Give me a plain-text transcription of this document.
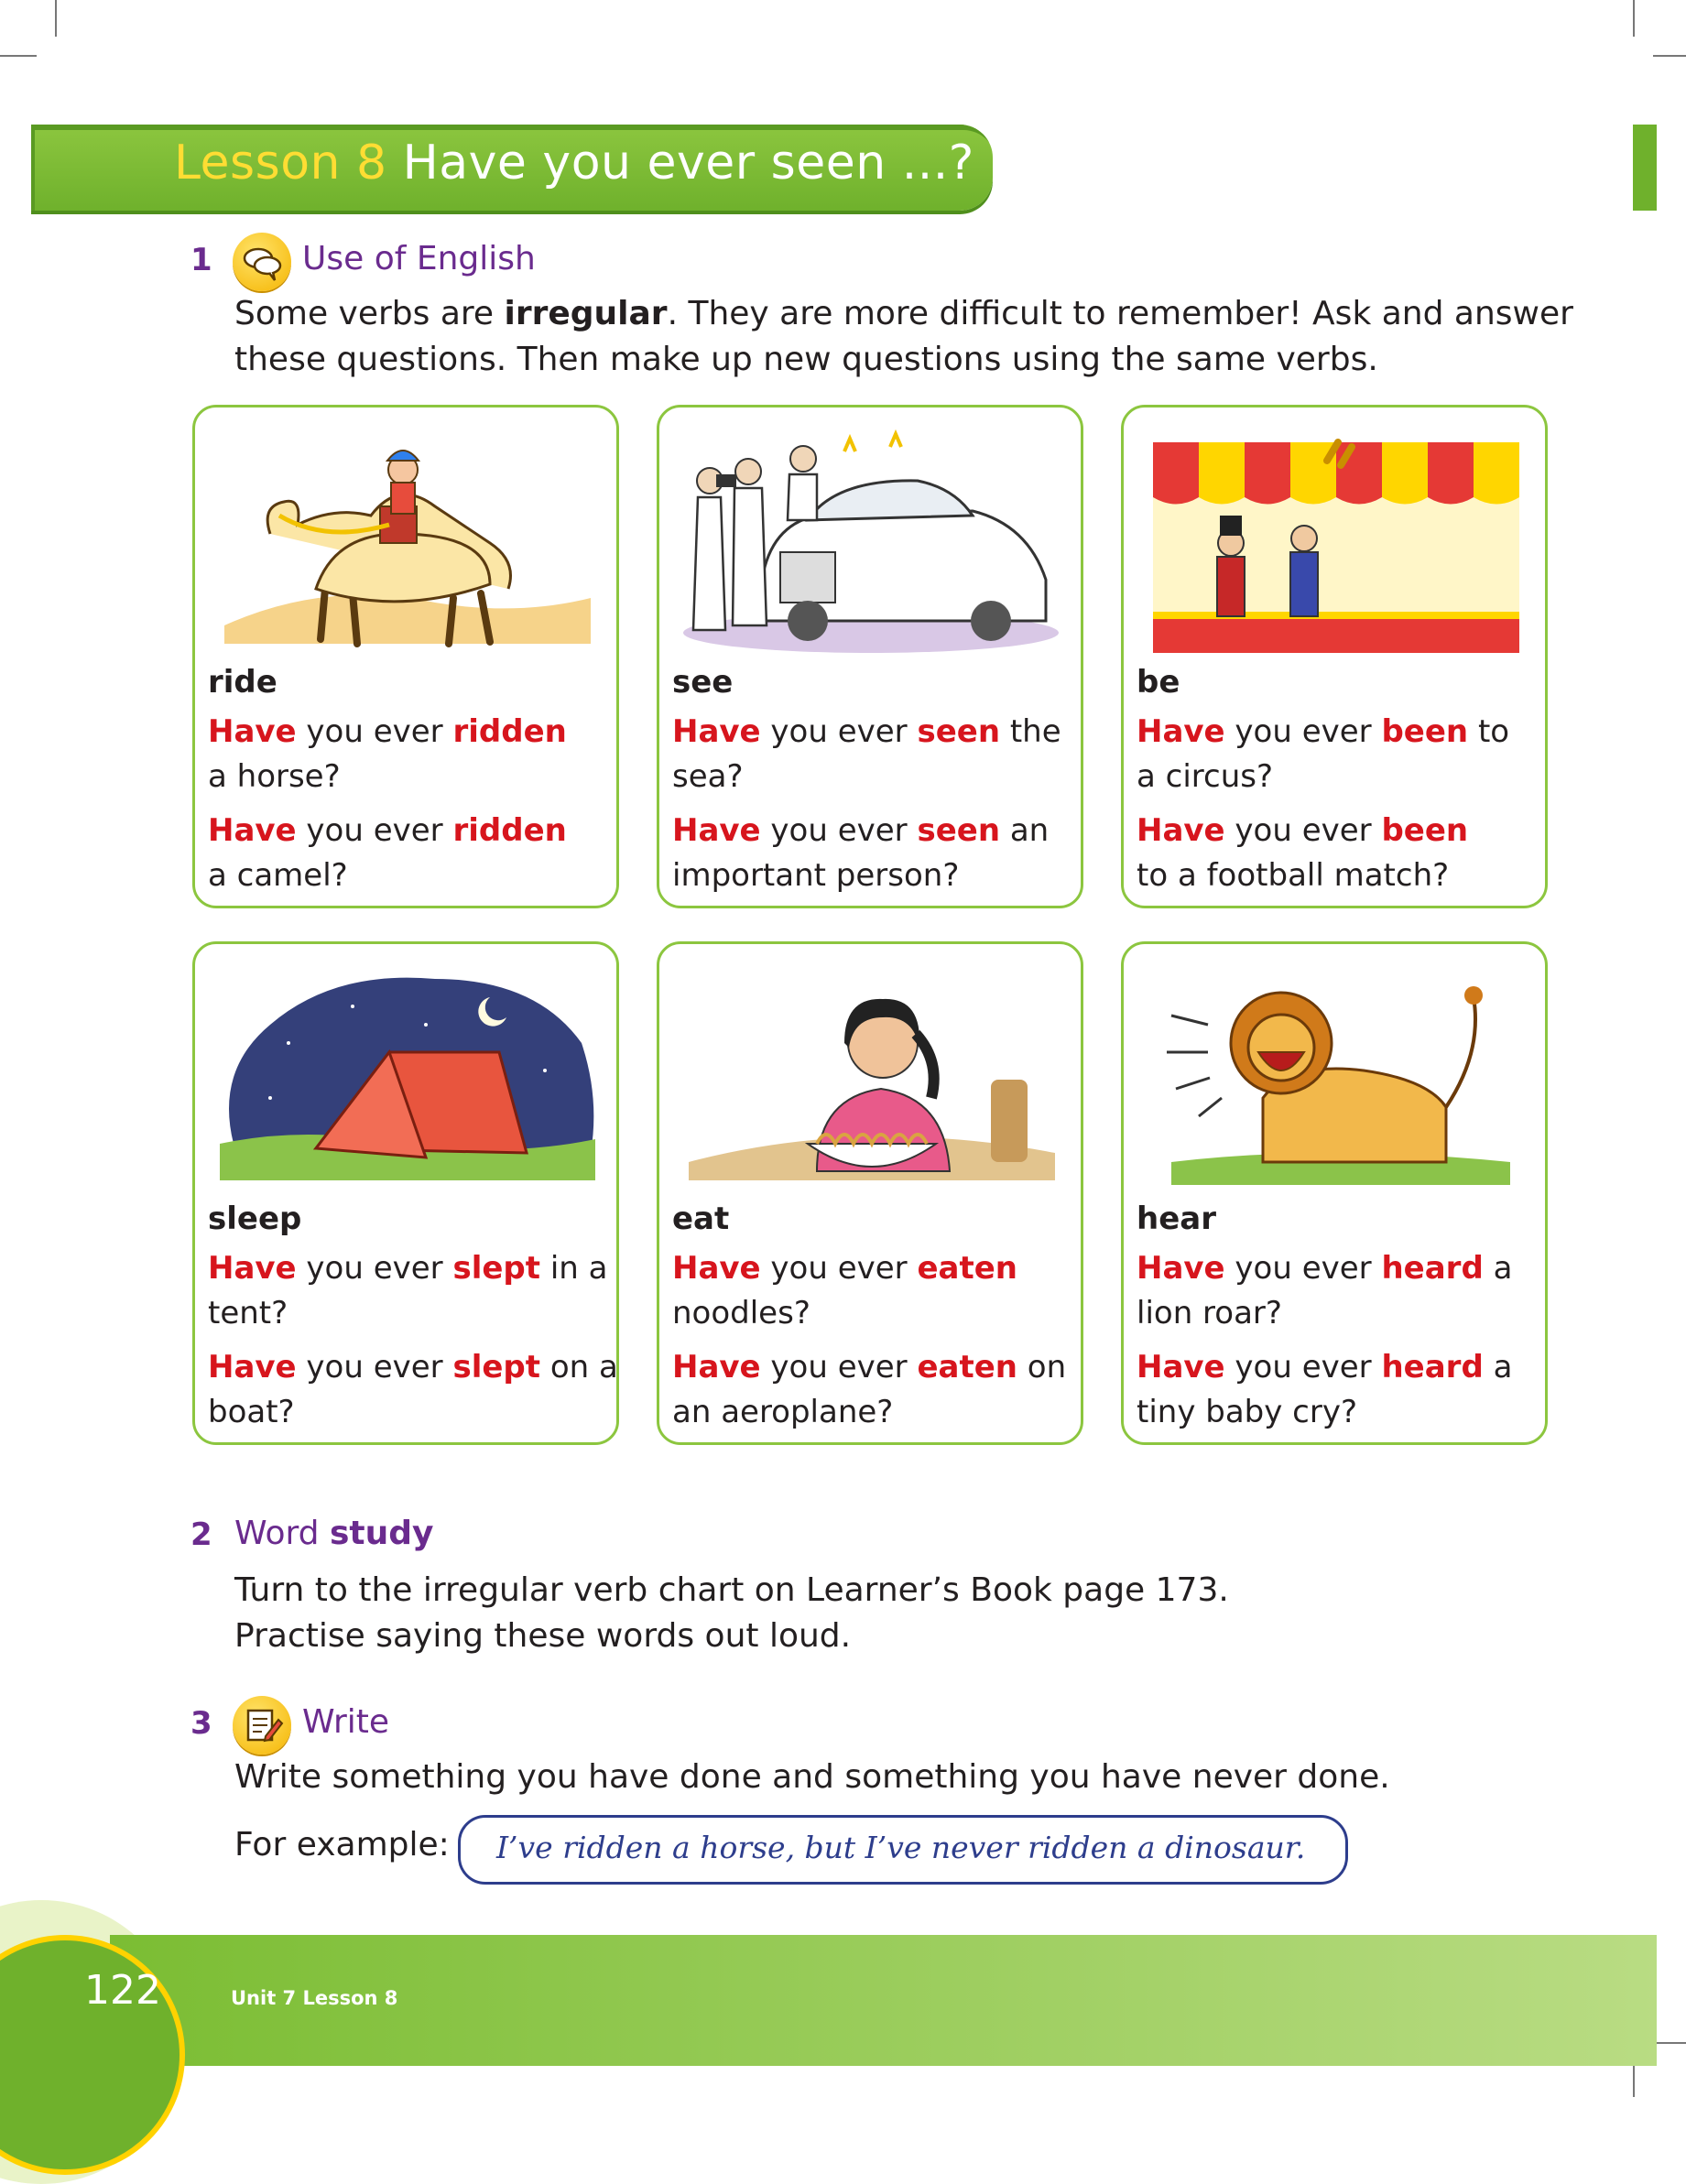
Lesson 8 Have you ever seen ...?
1	Use of English
Some verbs are irregular. They are more difficult to remember! Ask and answer
these questions. Then make up new questions using the same verbs.
ride
Have you ever ridden
a horse?
Have you ever ridden
a camel?
see
Have you ever seen the
sea?
Have you ever seen an
important person?
be
Have you ever been to
a circus?
Have you ever been
to a football match?
sleep
Have you ever slept in a
tent?
Have you ever slept on a
boat?
eat
Have you ever eaten
noodles?
Have you ever eaten on
an aeroplane?
hear
Have you ever heard a
lion roar?
Have you ever heard a
tiny baby cry?
2 Word study
Turn to the irregular verb chart on Learner’s Book page 173.
Practise saying these words out loud.
3	Write
Write something you have done and something you have never done.
For example: I’ve ridden a horse, but I’ve never ridden a dinosaur.
122	Unit 7 Lesson 8
